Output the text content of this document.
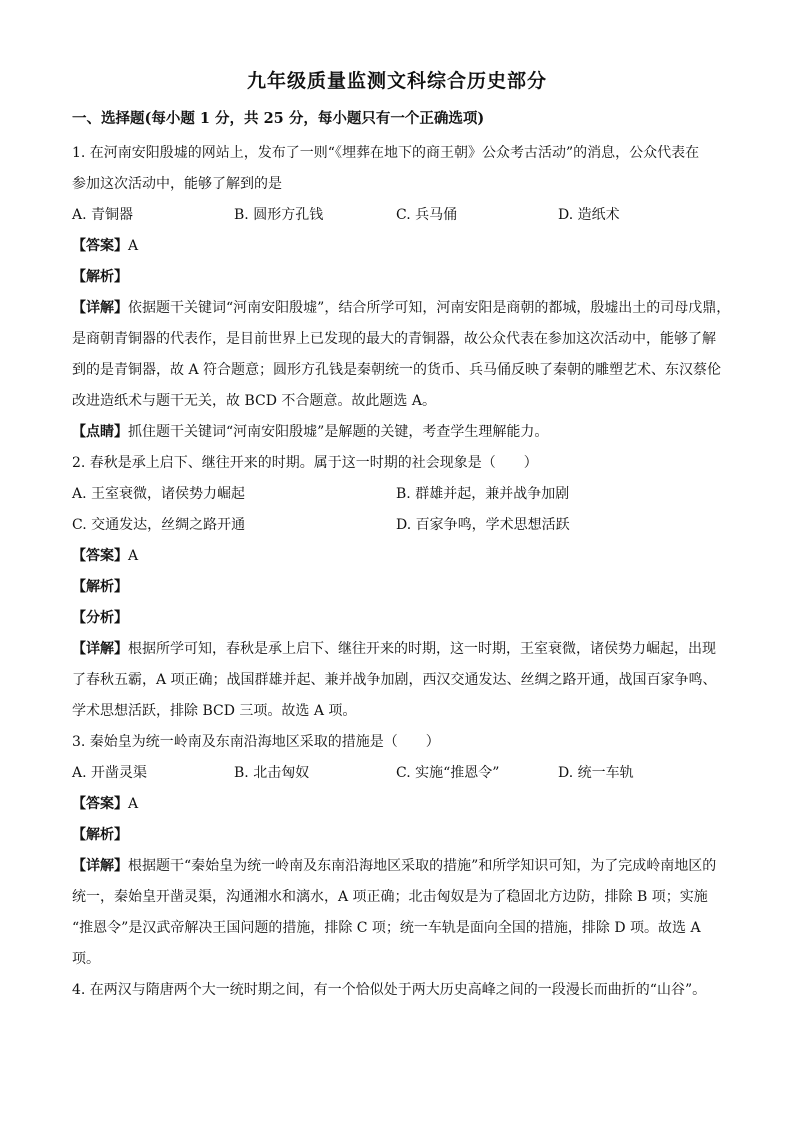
九年级质量监测文科综合历史部分

一、选择题(每小题 1 分，共 25 分，每小题只有一个正确选项)

1. 在河南安阳殷墟的网站上，发布了一则“《埋葬在地下的商王朝》公众考古活动”的消息，公众代表在

参加这次活动中，能够了解到的是

A. 青铜器	B. 圆形方孔钱	C. 兵马俑	D. 造纸术

【答案】A

【解析】

【详解】依据题干关键词“河南安阳殷墟”，结合所学可知，河南安阳是商朝的都城，殷墟出土的司母戊鼎，

是商朝青铜器的代表作，是目前世界上已发现的最大的青铜器，故公众代表在参加这次活动中，能够了解

到的是青铜器，故 A 符合题意；圆形方孔钱是秦朝统一的货币、兵马俑反映了秦朝的雕塑艺术、东汉蔡伦

改进造纸术与题干无关，故 BCD 不合题意。故此题选 A。

【点睛】抓住题干关键词“河南安阳殷墟”是解题的关键，考查学生理解能力。

2. 春秋是承上启下、继往开来的时期。属于这一时期的社会现象是（　　）

A. 王室衰微，诸侯势力崛起	B. 群雄并起，兼并战争加剧
C. 交通发达，丝绸之路开通	D. 百家争鸣，学术思想活跃

【答案】A

【解析】

【分析】

【详解】根据所学可知，春秋是承上启下、继往开来的时期，这一时期，王室衰微，诸侯势力崛起，出现

了春秋五霸，A 项正确；战国群雄并起、兼并战争加剧，西汉交通发达、丝绸之路开通，战国百家争鸣、

学术思想活跃，排除 BCD 三项。故选 A 项。

3. 秦始皇为统一岭南及东南沿海地区采取的措施是（　　）

A. 开凿灵渠	B. 北击匈奴	C. 实施“推恩令”	D. 统一车轨

【答案】A

【解析】

【详解】根据题干“秦始皇为统一岭南及东南沿海地区采取的措施”和所学知识可知，为了完成岭南地区的

统一，秦始皇开凿灵渠，沟通湘水和漓水，A 项正确；北击匈奴是为了稳固北方边防，排除 B 项；实施

“推恩令”是汉武帝解决王国问题的措施，排除 C 项；统一车轨是面向全国的措施，排除 D 项。故选 A

项。

4. 在两汉与隋唐两个大一统时期之间，有一个恰似处于两大历史高峰之间的一段漫长而曲折的“山谷”。
